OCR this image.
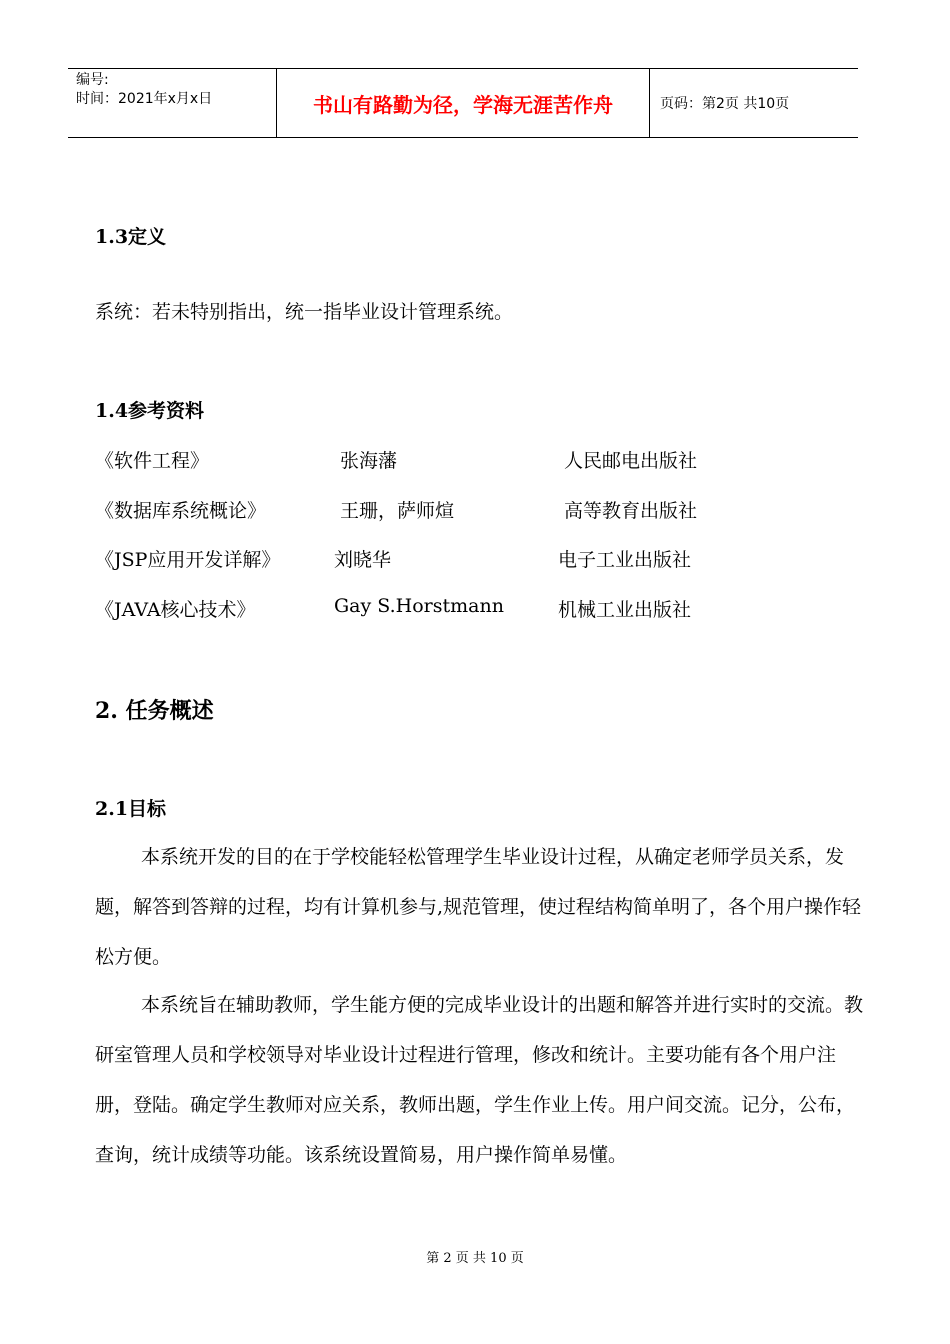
编号:
时间：2021年x月x日	书山有路勤为径，学海无涯苦作舟	页码：第2页 共10页
1.3定义
系统：若未特别指出，统一指毕业设计管理系统。
1.4参考资料
《软件工程》	张海藩	人民邮电出版社
《数据库系统概论》	王珊，萨师煊	高等教育出版社
《JSP应用开发详解》	刘晓华	电子工业出版社
《JAVA核心技术》	Gay S.Horstmann	机械工业出版社
2. 任务概述
2.1目标

本系统开发的目的在于学校能轻松管理学生毕业设计过程，从确定老师学员关系，发题，解答到答辩的过程，均有计算机参与,规范管理，使过程结构简单明了，各个用户操作轻松方便。

本系统旨在辅助教师，学生能方便的完成毕业设计的出题和解答并进行实时的交流。教研室管理人员和学校领导对毕业设计过程进行管理，修改和统计。主要功能有各个用户注册，登陆。确定学生教师对应关系，教师出题，学生作业上传。用户间交流。记分，公布，查询，统计成绩等功能。该系统设置简易，用户操作简单易懂。

第 2 页 共 10 页
